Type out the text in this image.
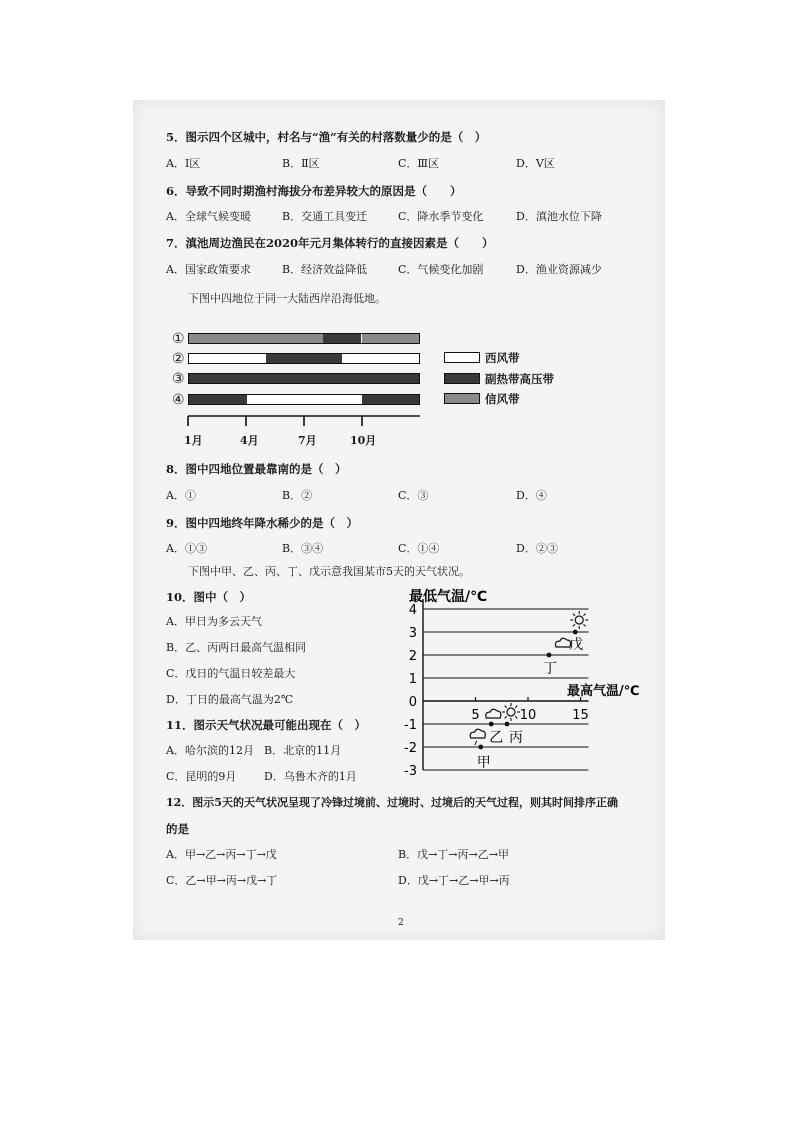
5．图示四个区城中，村名与“渔”有关的村落数量少的是（　）
A．Ⅰ区	B．Ⅱ区	C．Ⅲ区	D．Ⅴ区
6．导致不同时期渔村海拔分布差异较大的原因是（　　）
A．全球气候变暖	B．交通工具变迁	C．降水季节变化	D．滇池水位下降
7．滇池周边渔民在2020年元月集体转行的直接因素是（　　）
A．国家政策要求	B．经济效益降低	C．气候变化加剧	D．渔业资源减少
下图中四地位于同一大陆西岸沿海低地。
①
②
③
④
1月	4月	7月	10月
西风带
副热带高压带
信风带
8．图中四地位置最靠南的是（　）
A．①	B．②	C．③	D．④
9．图中四地终年降水稀少的是（　）
A．①③	B．③④	C．①④	D．②③
下图中甲、乙、丙、丁、戊示意我国某市5天的天气状况。
10．图中（　）
A．甲日为多云天气
B．乙、丙两日最高气温相同
C．戊日的气温日较差最大
D．丁日的最高气温为2℃
11．图示天气状况最可能出现在（　）
A．哈尔滨的12月 B．北京的11月
C．昆明的9月	D．乌鲁木齐的1月
12．图示5天的天气状况呈现了冷锋过境前、过境时、过境后的天气过程，则其时间排序正确
的是
A．甲→乙→丙→丁→戊	B．戊→丁→丙→乙→甲
C．乙→甲→丙→戊→丁	D．戊→丁→乙→甲→丙
最低气温/℃
最高气温/℃
4
3
2
1
0
-1
-2
-3
5	10	15
甲
乙 丙
丁
戊
2
